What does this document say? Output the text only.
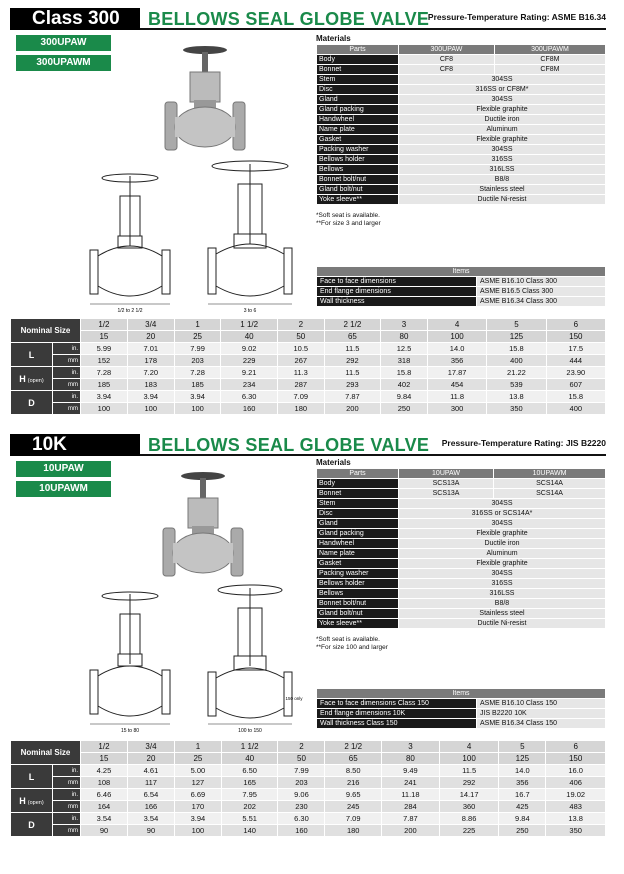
Class 300	BELLOWS SEAL GLOBE VALVE
Pressure-Temperature Rating: ASME B16.34
300UPAW
300UPAWM
1/2 to 2 1/2	3 to 6
Materials
Parts	300UPAW	300UPAWM
Body	CF8	CF8M
Bonnet	CF8	CF8M
Stem	304SS	
Disc	316SS or CF8M*	
Gland	304SS	
Gland packing	Flexible graphite	
Handwheel	Ductile iron	
Name plate	Aluminum	
Gasket	Flexible graphite	
Packing washer	304SS	
Bellows holder	316SS	
Bellows	316LSS	
Bonnet bolt/nut	B8/8	
Gland bolt/nut	Stainless steel	
Yoke sleeve**	Ductile Ni-resist	
*Soft seat is available.
**For size 3 and larger
Items	
Face to face dimensions	ASME B16.10 Class 300
End flange dimensions	ASME B16.5 Class 300
Wall thickness	ASME B16.34 Class 300
Nominal Size		1/2	3/4	1	1 1/2	2	2 1/2	3	4	5	6
		15	20	25	40	50	65	80	100	125	150
L	in.	5.99	7.01	7.99	9.02	10.5	11.5	12.5	14.0	15.8	17.5
	mm	152	178	203	229	267	292	318	356	400	444
H (open)	in.	7.28	7.20	7.28	9.21	11.3	11.5	15.8	17.87	21.22	23.90
	mm	185	183	185	234	287	293	402	454	539	607
D	in.	3.94	3.94	3.94	6.30	7.09	7.87	9.84	11.8	13.8	15.8
	mm	100	100	100	160	180	200	250	300	350	400
10K	BELLOWS SEAL GLOBE VALVE Pressure-Temperature Rating: JIS B2220
10UPAW
10UPAWM
15 to 80	100 to 150
150 only
Materials
Parts	10UPAW	10UPAWM
Body	SCS13A	SCS14A
Bonnet	SCS13A	SCS14A
Stem	304SS	
Disc	316SS or SCS14A*	
Gland	304SS	
Gland packing	Flexible graphite	
Handwheel	Ductile iron	
Name plate	Aluminum	
Gasket	Flexible graphite	
Packing washer	304SS	
Bellows holder	316SS	
Bellows	316LSS	
Bonnet bolt/nut	B8/8	
Gland bolt/nut	Stainless steel	
Yoke sleeve**	Ductile Ni-resist	
*Soft seat is available.
**For size 100 and larger
Items	
Face to face dimensions Class 150	ASME B16.10 Class 150
End flange dimensions 10K	JIS B2220 10K
Wall thickness Class 150	ASME B16.34 Class 150
Nominal Size		1/2	3/4	1	1 1/2	2	2 1/2	3	4	5	6
		15	20	25	40	50	65	80	100	125	150
L	in.	4.25	4.61	5.00	6.50	7.99	8.50	9.49	11.5	14.0	16.0
	mm	108	117	127	165	203	216	241	292	356	406
H (open)	in.	6.46	6.54	6.69	7.95	9.06	9.65	11.18	14.17	16.7	19.02
	mm	164	166	170	202	230	245	284	360	425	483
D	in.	3.54	3.54	3.94	5.51	6.30	7.09	7.87	8.86	9.84	13.8
	mm	90	90	100	140	160	180	200	225	250	350
